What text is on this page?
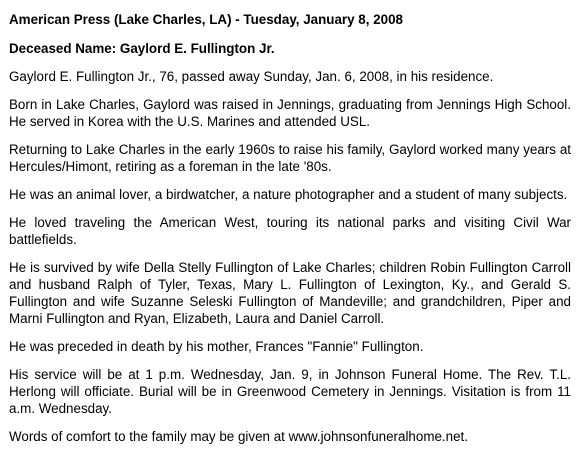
American Press (Lake Charles, LA) - Tuesday, January 8, 2008

Deceased Name: Gaylord E. Fullington Jr.

Gaylord E. Fullington Jr., 76, passed away Sunday, Jan. 6, 2008, in his residence.

Born in Lake Charles, Gaylord was raised in Jennings, graduating from Jennings High School. He served in Korea with the U.S. Marines and attended USL.

Returning to Lake Charles in the early 1960s to raise his family, Gaylord worked many years at Hercules/Himont, retiring as a foreman in the late '80s.

He was an animal lover, a birdwatcher, a nature photographer and a student of many subjects.

He loved traveling the American West, touring its national parks and visiting Civil War battlefields.

He is survived by wife Della Stelly Fullington of Lake Charles; children Robin Fullington Carroll and husband Ralph of Tyler, Texas, Mary L. Fullington of Lexington, Ky., and Gerald S. Fullington and wife Suzanne Seleski Fullington of Mandeville; and grandchildren, Piper and Marni Fullington and Ryan, Elizabeth, Laura and Daniel Carroll.

He was preceded in death by his mother, Frances "Fannie" Fullington.

His service will be at 1 p.m. Wednesday, Jan. 9, in Johnson Funeral Home. The Rev. T.L. Herlong will officiate. Burial will be in Greenwood Cemetery in Jennings. Visitation is from 11 a.m. Wednesday.

Words of comfort to the family may be given at www.johnsonfuneralhome.net.
